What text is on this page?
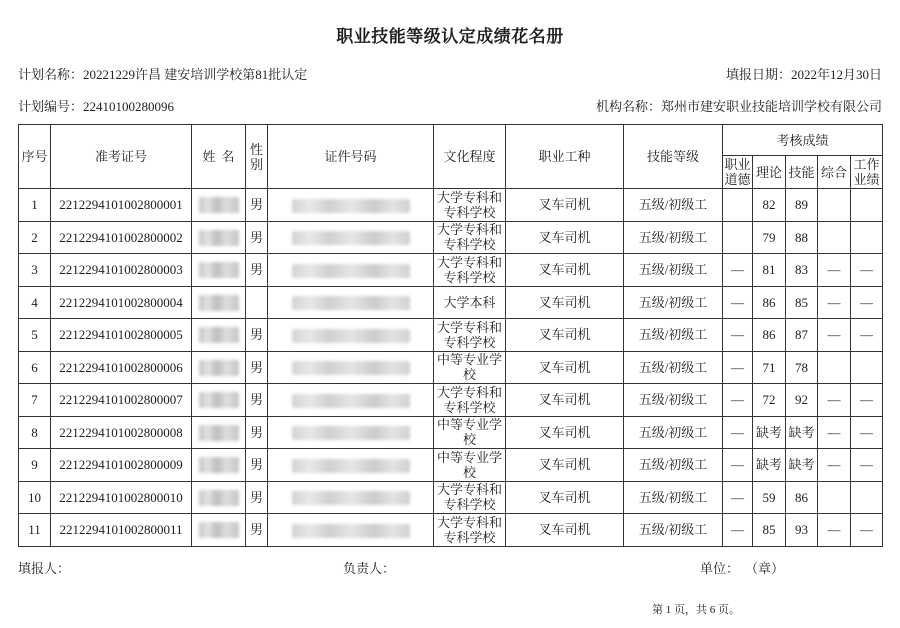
职业技能等级认定成绩花名册
计划名称：20221229许昌 建安培训学校第81批认定	填报日期：2022年12月30日
计划编号：22410100280096	机构名称：郑州市建安职业技能培训学校有限公司
序号	准考证号	姓名	性别	证件号码	文化程度	职业工种	技能等级	考核成绩				
								职业道德	理论	技能	综合	工作业绩
1	2212294101002800001		男		大学专科和专科学校	叉车司机	五级/初级工		82	89		
2	2212294101002800002		男		大学专科和专科学校	叉车司机	五级/初级工		79	88		
3	2212294101002800003		男		大学专科和专科学校	叉车司机	五级/初级工	—	81	83	—	—
4	2212294101002800004				大学本科	叉车司机	五级/初级工	—	86	85	—	—
5	2212294101002800005		男		大学专科和专科学校	叉车司机	五级/初级工	—	86	87	—	—
6	2212294101002800006		男		中等专业学校	叉车司机	五级/初级工	—	71	78		
7	2212294101002800007		男		大学专科和专科学校	叉车司机	五级/初级工	—	72	92	—	—
8	2212294101002800008		男		中等专业学校	叉车司机	五级/初级工	—	缺考	缺考	—	—
9	2212294101002800009		男		中等专业学校	叉车司机	五级/初级工	—	缺考	缺考	—	—
10	2212294101002800010		男		大学专科和专科学校	叉车司机	五级/初级工	—	59	86		
11	2212294101002800011		男		大学专科和专科学校	叉车司机	五级/初级工	—	85	93	—	—
填报人：	负责人：	单位： （章）
第 1 页，共 6 页。
